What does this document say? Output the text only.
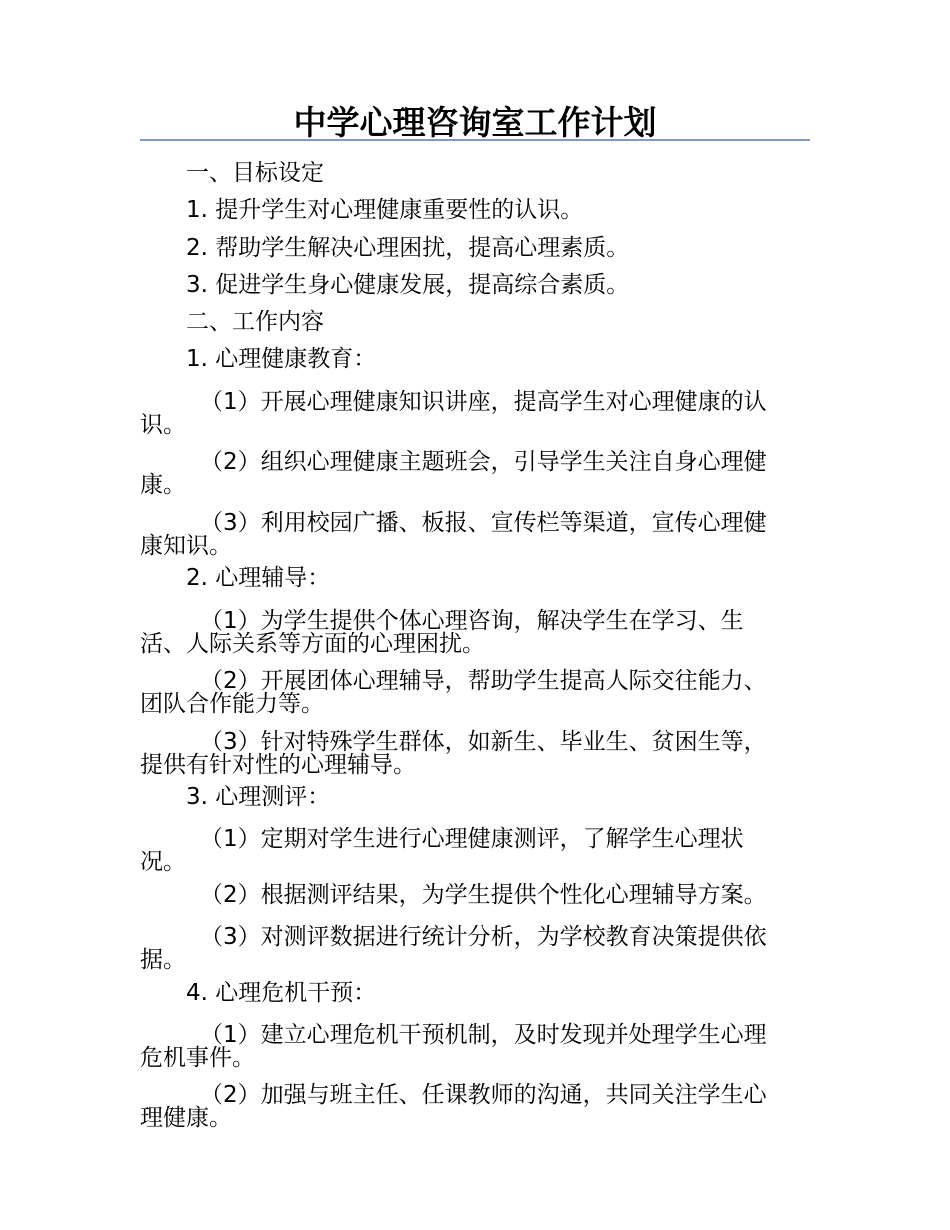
中学心理咨询室工作计划
一、目标设定
1. 提升学生对心理健康重要性的认识。
2. 帮助学生解决心理困扰，提高心理素质。
3. 促进学生身心健康发展，提高综合素质。
二、工作内容
1. 心理健康教育：
（1）开展心理健康知识讲座，提高学生对心理健康的认
识。
（2）组织心理健康主题班会，引导学生关注自身心理健
康。
（3）利用校园广播、板报、宣传栏等渠道，宣传心理健
康知识。
2. 心理辅导：
（1）为学生提供个体心理咨询，解决学生在学习、生
活、人际关系等方面的心理困扰。
（2）开展团体心理辅导，帮助学生提高人际交往能力、
团队合作能力等。
（3）针对特殊学生群体，如新生、毕业生、贫困生等，
提供有针对性的心理辅导。
3. 心理测评：
（1）定期对学生进行心理健康测评，了解学生心理状
况。
（2）根据测评结果，为学生提供个性化心理辅导方案。
（3）对测评数据进行统计分析，为学校教育决策提供依
据。
4. 心理危机干预：
（1）建立心理危机干预机制，及时发现并处理学生心理
危机事件。
（2）加强与班主任、任课教师的沟通，共同关注学生心
理健康。
